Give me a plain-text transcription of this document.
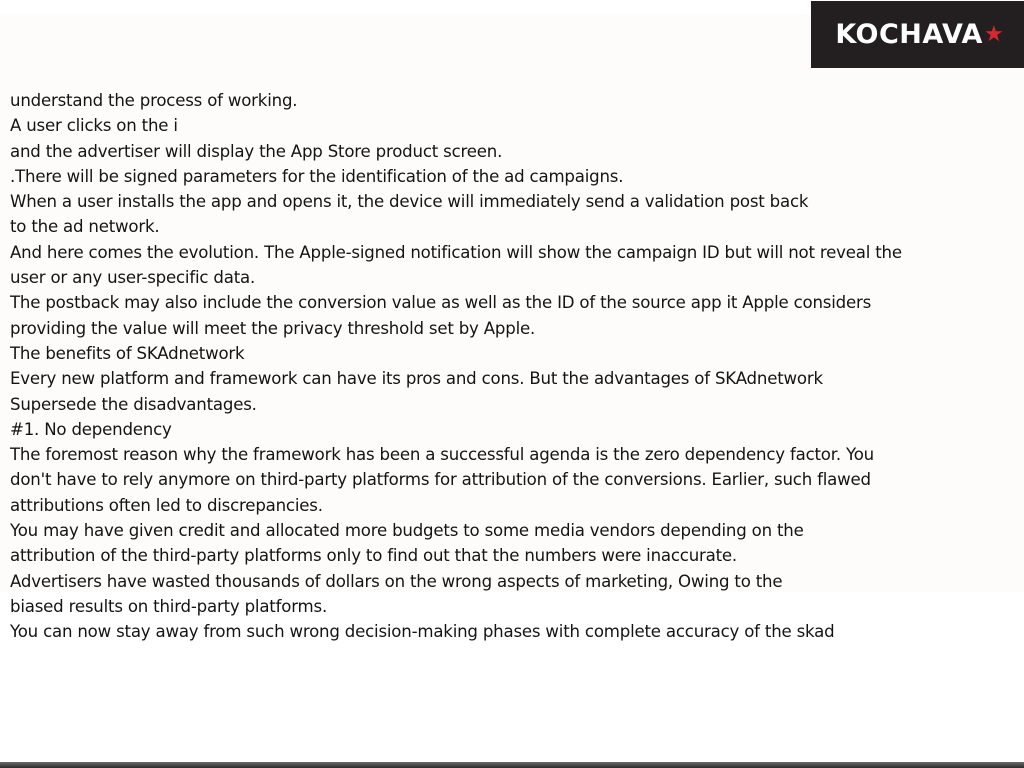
KOCHAVA ★
understand the process of working.
A user clicks on the i
and the advertiser will display the App Store product screen.
.There will be signed parameters for the identification of the ad campaigns.
When a user installs the app and opens it, the device will immediately send a validation post back
to the ad network.
And here comes the evolution. The Apple-signed notification will show the campaign ID but will not reveal the
user or any user-specific data.
The postback may also include the conversion value as well as the ID of the source app it Apple considers
providing the value will meet the privacy threshold set by Apple.
The benefits of SKAdnetwork
Every new platform and framework can have its pros and cons. But the advantages of SKAdnetwork
Supersede the disadvantages.
#1. No dependency
The foremost reason why the framework has been a successful agenda is the zero dependency factor. You
don't have to rely anymore on third-party platforms for attribution of the conversions. Earlier, such flawed
attributions often led to discrepancies.
You may have given credit and allocated more budgets to some media vendors depending on the
attribution of the third-party platforms only to find out that the numbers were inaccurate.
Advertisers have wasted thousands of dollars on the wrong aspects of marketing, Owing to the
biased results on third-party platforms.
You can now stay away from such wrong decision-making phases with complete accuracy of the skad
